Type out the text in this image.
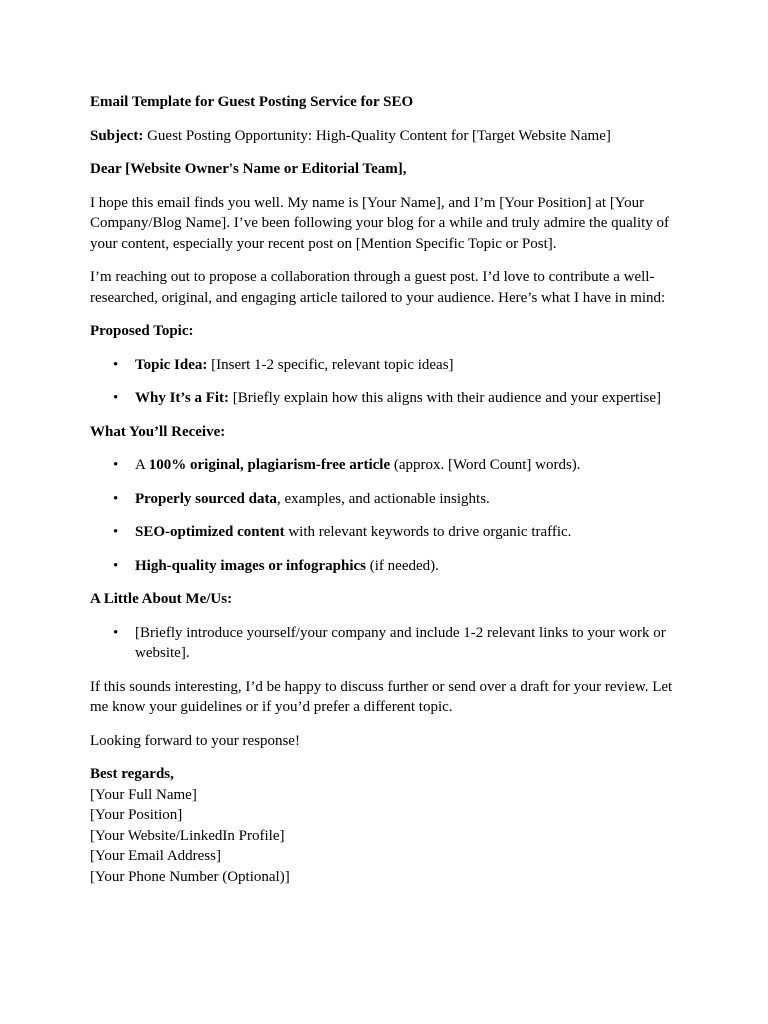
Email Template for Guest Posting Service for SEO

Subject: Guest Posting Opportunity: High-Quality Content for [Target Website Name]

Dear [Website Owner's Name or Editorial Team],

I hope this email finds you well. My name is [Your Name], and I’m [Your Position] at [Your Company/Blog Name]. I’ve been following your blog for a while and truly admire the quality of your content, especially your recent post on [Mention Specific Topic or Post].

I’m reaching out to propose a collaboration through a guest post. I’d love to contribute a well-researched, original, and engaging article tailored to your audience. Here’s what I have in mind:

Proposed Topic:

• Topic Idea: [Insert 1-2 specific, relevant topic ideas]
• Why It’s a Fit: [Briefly explain how this aligns with their audience and your expertise]

What You’ll Receive:

• A 100% original, plagiarism-free article (approx. [Word Count] words).
• Properly sourced data, examples, and actionable insights.
• SEO-optimized content with relevant keywords to drive organic traffic.
• High-quality images or infographics (if needed).

A Little About Me/Us:

• [Briefly introduce yourself/your company and include 1-2 relevant links to your work or website].

If this sounds interesting, I’d be happy to discuss further or send over a draft for your review. Let me know your guidelines or if you’d prefer a different topic.

Looking forward to your response!

Best regards,
[Your Full Name]
[Your Position]
[Your Website/LinkedIn Profile]
[Your Email Address]
[Your Phone Number (Optional)]
